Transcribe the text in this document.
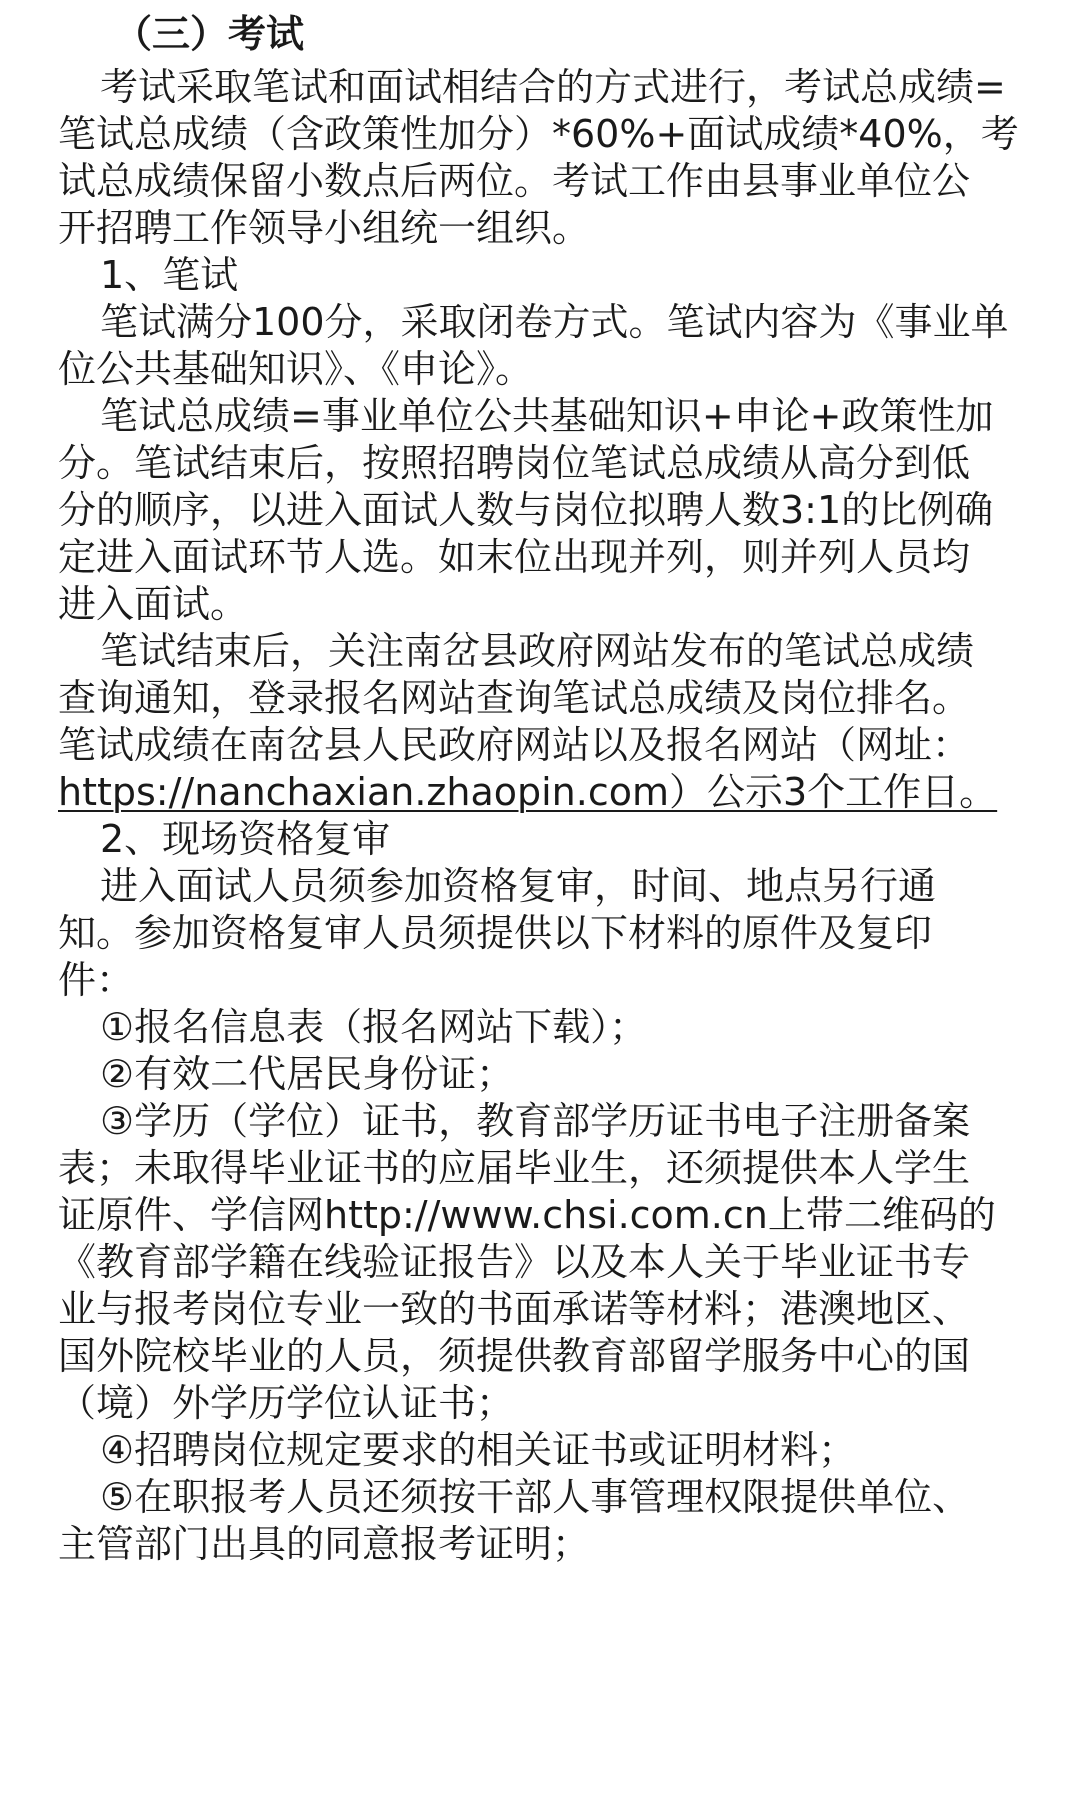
（三）考试
考试采取笔试和面试相结合的方式进行，考试总成绩=
笔试总成绩（含政策性加分）*60%+面试成绩*40%，考
试总成绩保留小数点后两位。考试工作由县事业单位公
开招聘工作领导小组统一组织。
1、笔试
笔试满分100分，采取闭卷方式。笔试内容为《事业单
位公共基础知识》、《申论》。
笔试总成绩=事业单位公共基础知识+申论+政策性加
分。笔试结束后，按照招聘岗位笔试总成绩从高分到低
分的顺序，以进入面试人数与岗位拟聘人数3:1的比例确
定进入面试环节人选。如末位出现并列，则并列人员均
进入面试。
笔试结束后，关注南岔县政府网站发布的笔试总成绩
查询通知，登录报名网站查询笔试总成绩及岗位排名。
笔试成绩在南岔县人民政府网站以及报名网站（网址：
https://nanchaxian.zhaopin.com）公示3个工作日。
2、现场资格复审
进入面试人员须参加资格复审，时间、地点另行通
知。参加资格复审人员须提供以下材料的原件及复印
件：
①报名信息表（报名网站下载）；
②有效二代居民身份证；
③学历（学位）证书，教育部学历证书电子注册备案
表；未取得毕业证书的应届毕业生，还须提供本人学生
证原件、学信网http://www.chsi.com.cn上带二维码的
《教育部学籍在线验证报告》以及本人关于毕业证书专
业与报考岗位专业一致的书面承诺等材料；港澳地区、
国外院校毕业的人员，须提供教育部留学服务中心的国
（境）外学历学位认证书；
④招聘岗位规定要求的相关证书或证明材料；
⑤在职报考人员还须按干部人事管理权限提供单位、
主管部门出具的同意报考证明；
